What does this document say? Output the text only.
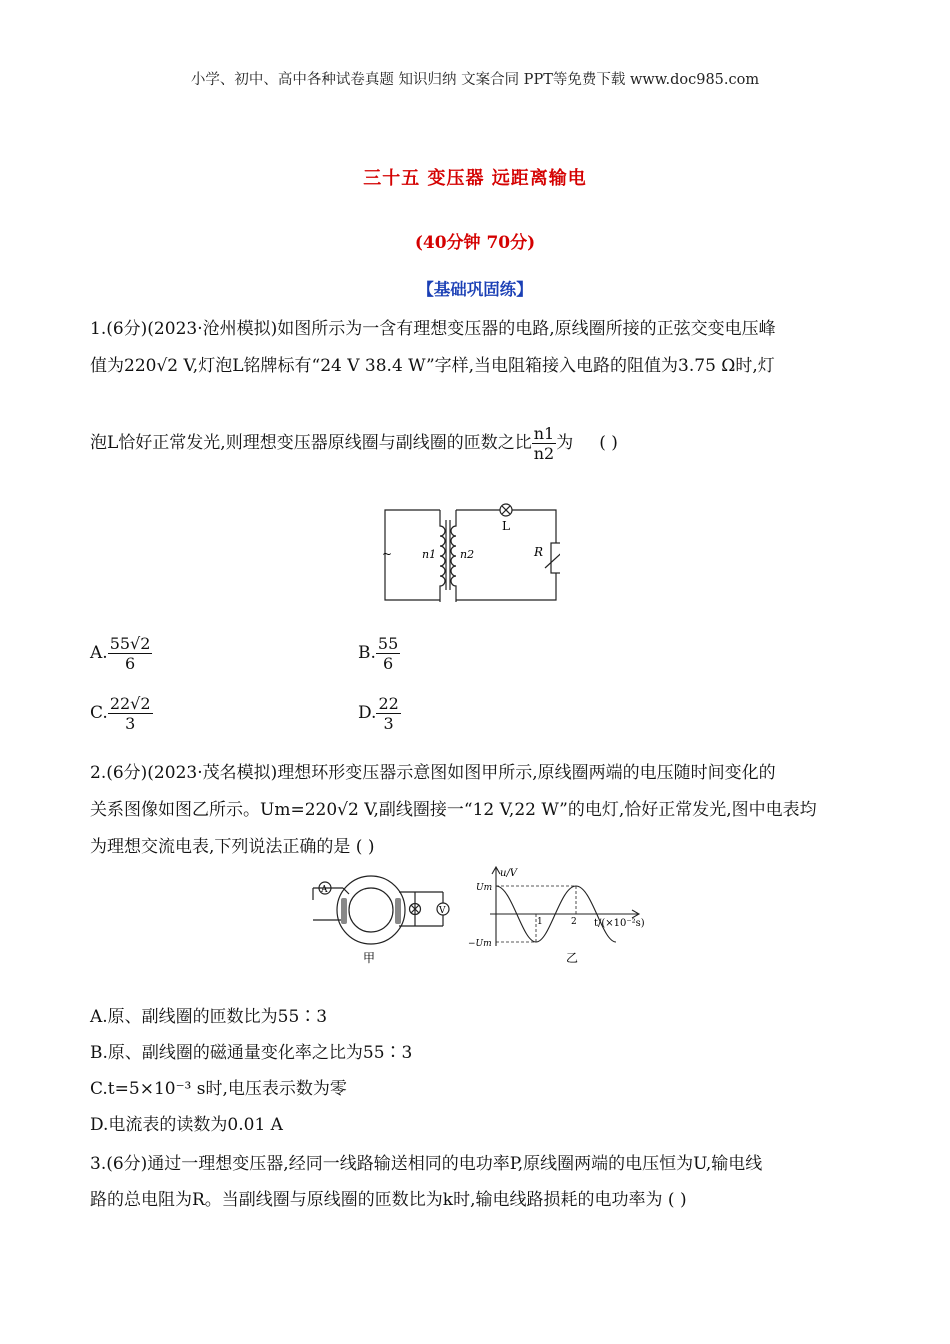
小学、初中、高中各种试卷真题 知识归纳 文案合同 PPT等免费下载 www.doc985.com
三十五 变压器 远距离输电
(40分钟 70分)
【基础巩固练】
1.(6分)(2023·沧州模拟)如图所示为一含有理想变压器的电路,原线圈所接的正弦交变电压峰
值为220√2 V,灯泡L铭牌标有“24 V 38.4 W”字样,当电阻箱接入电路的阻值为3.75 Ω时,灯
泡L恰好正常发光,则理想变压器原线圈与副线圈的匝数之比 $\frac{n1}{n2}$ 为 ( )
~	n1 n2
L
R
A. $\frac{55√2}{6}$	B. $\frac{55}{6}$
C. $\frac{22√2}{3}$	D. $\frac{22}{3}$
2.(6分)(2023·茂名模拟)理想环形变压器示意图如图甲所示,原线圈两端的电压随时间变化的
关系图像如图乙所示。Um=220√2 V,副线圈接一“12 V,22 W”的电灯,恰好正常发光,图中电表均
为理想交流电表,下列说法正确的是 ( )
A
V
甲
u/V
Um
−Um
1	2 t/(×10⁻²s)
乙
A.原、副线圈的匝数比为55∶3
B.原、副线圈的磁通量变化率之比为55∶3
C.t=5×10⁻³ s时,电压表示数为零
D.电流表的读数为0.01 A
3.(6分)通过一理想变压器,经同一线路输送相同的电功率P,原线圈两端的电压恒为U,输电线
路的总电阻为R。当副线圈与原线圈的匝数比为k时,输电线路损耗的电功率为 ( )
